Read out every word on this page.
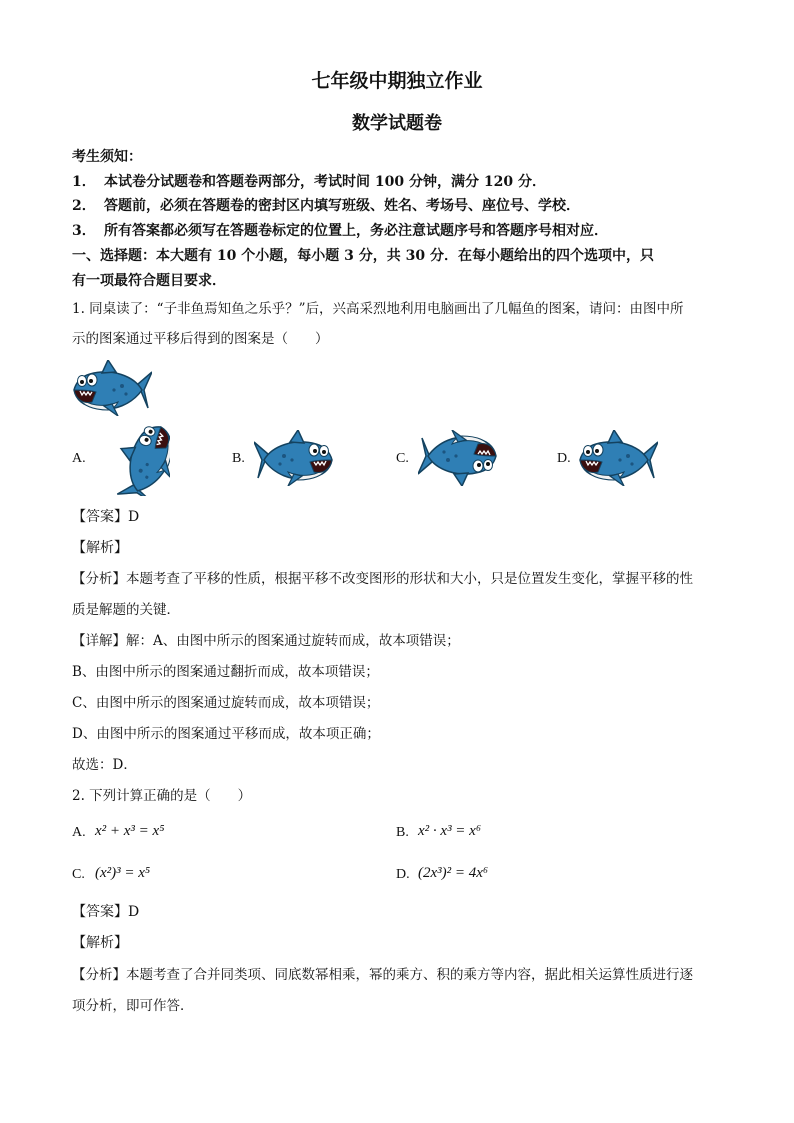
七年级中期独立作业
数学试题卷
考生须知：
1． 本试卷分试题卷和答题卷两部分，考试时间 100 分钟，满分 120 分．
2． 答题前，必须在答题卷的密封区内填写班级、姓名、考场号、座位号、学校．
3． 所有答案都必须写在答题卷标定的位置上，务必注意试题序号和答题序号相对应．
一、选择题：本大题有 10 个小题，每小题 3 分，共 30 分．在每小题给出的四个选项中，只
有一项最符合题目要求．
1. 同桌读了：“子非鱼焉知鱼之乐乎？”后，兴高采烈地利用电脑画出了几幅鱼的图案，请问：由图中所
示的图案通过平移后得到的图案是（　　）
A.	B.	C.	D.
【答案】D
【解析】
【分析】本题考查了平移的性质，根据平移不改变图形的形状和大小，只是位置发生变化，掌握平移的性
质是解题的关键．
【详解】解：A、由图中所示的图案通过旋转而成，故本项错误；
B、由图中所示的图案通过翻折而成，故本项错误；
C、由图中所示的图案通过旋转而成，故本项错误；
D、由图中所示的图案通过平移而成，故本项正确；
故选：D．
2. 下列计算正确的是（　　）
A. x² + x³ = x⁵	B. x² · x³ = x⁶
C. (x²)³ = x⁵	D. (2x³)² = 4x⁶
【答案】D
【解析】
【分析】本题考查了合并同类项、同底数幂相乘，幂的乘方、积的乘方等内容，据此相关运算性质进行逐
项分析，即可作答．
